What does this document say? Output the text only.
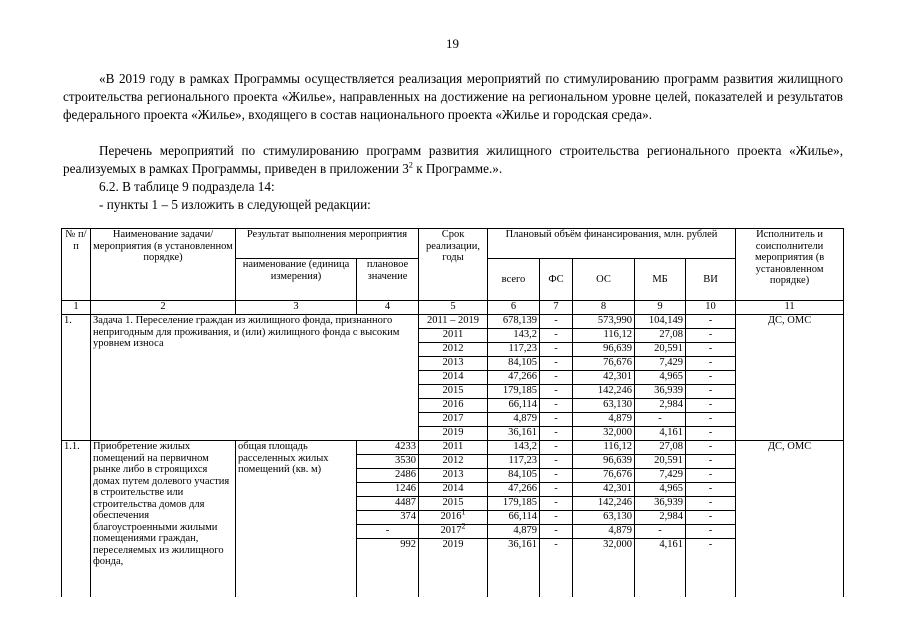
19

«В 2019 году в рамках Программы осуществляется реализация мероприятий по стимулированию программ развития жилищного строительства регионального проекта «Жилье», направленных на достижение на региональном уровне целей, показателей и результатов федерального проекта «Жилье», входящего в состав национального проекта «Жилье и городская среда».

Перечень мероприятий по стимулированию программ развития жилищного строительства регионального проекта «Жилье», реализуемых в рамках Программы, приведен в приложении $3^2$ к Программе.».

6.2. В таблице 9 подраздела 14:

- пункты 1 – 5 изложить в следующей редакции:

№ п/п	Наименование задачи/мероприятия (в установленном порядке)	Результат выполнения мероприятия		Срок реализации, годы	Плановый объём финансирования, млн. рублей					Исполнитель и соисполнители мероприятия (в установленном порядке)
		наименование (единица измерения)	плановое значение		всего	ФС	ОС	МБ	ВИ	
1	2	3	4	5	6	7	8	9	10	11
1.	Задача 1. Переселение граждан из жилищного фонда, признанного непригодным для проживания, и (или) жилищного фонда с высоким уровнем износа			2011 – 2019	678,139	-	573,990	104,149	-	ДС, ОМС
				2011	143,2	-	116,12	27,08	-	
				2012	117,23	-	96,639	20,591	-	
				2013	84,105	-	76,676	7,429	-	
				2014	47,266	-	42,301	4,965	-	
				2015	179,185	-	142,246	36,939	-	
				2016	66,114	-	63,130	2,984	-	
				2017	4,879	-	4,879	-	-	
				2019	36,161	-	32,000	4,161	-	
1.1.	Приобретение жилых помещений на первичном рынке либо в строящихся домах путем долевого участия в строительстве или строительства домов для обеспечения благоустроенными жилыми помещениями граждан, переселяемых из жилищного фонда,	общая площадь расселенных жилых помещений (кв. м)	4233	2011	143,2	-	116,12	27,08	-	ДС, ОМС
			3530	2012	117,23	-	96,639	20,591	-	
			2486	2013	84,105	-	76,676	7,429	-	
			1246	2014	47,266	-	42,301	4,965	-	
			4487	2015	179,185	-	142,246	36,939	-	
			374	2016$^1$	66,114	-	63,130	2,984	-	
			-	2017$^2$	4,879	-	4,879	-	-	
			992	2019	36,161	-	32,000	4,161	-	
